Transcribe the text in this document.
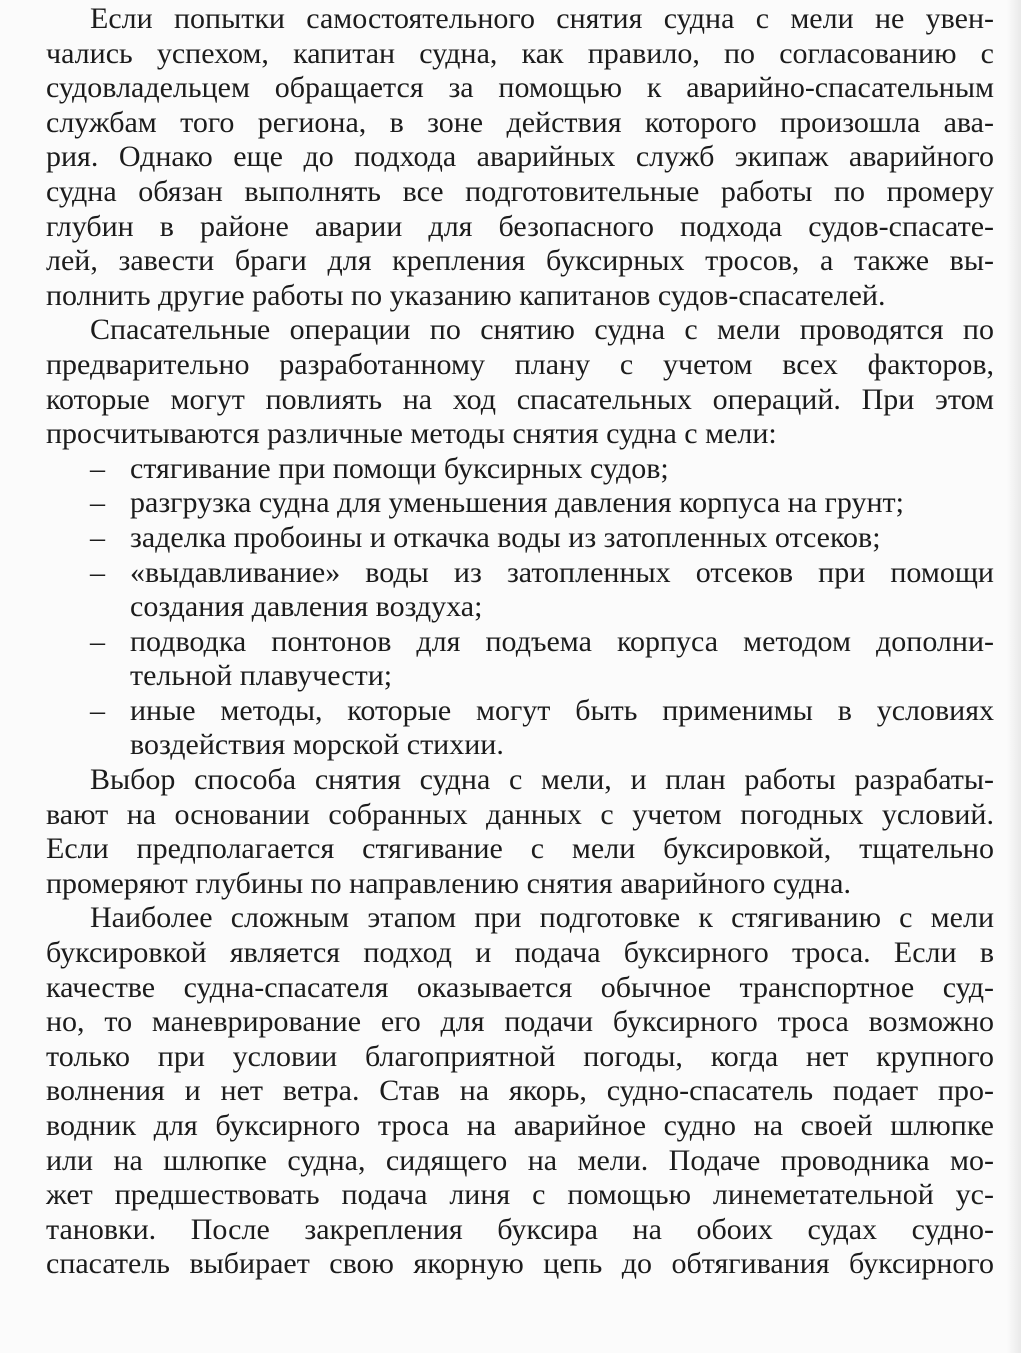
Если попытки самостоятельного снятия судна с мели не увен-
чались успехом, капитан судна, как правило, по согласованию с
судовладельцем обращается за помощью к аварийно-спасательным
службам того региона, в зоне действия которого произошла ава-
рия. Однако еще до подхода аварийных служб экипаж аварийного
судна обязан выполнять все подготовительные работы по промеру
глубин в районе аварии для безопасного подхода судов-спасате-
лей, завести браги для крепления буксирных тросов, а также вы-
полнить другие работы по указанию капитанов судов-спасателей.
Спасательные операции по снятию судна с мели проводятся по
предварительно разработанному плану с учетом всех факторов,
которые могут повлиять на ход спасательных операций. При этом
просчитываются различные методы снятия судна с мели:
– стягивание при помощи буксирных судов;
– разгрузка судна для уменьшения давления корпуса на грунт;
– заделка пробоины и откачка воды из затопленных отсеков;
– «выдавливание» воды из затопленных отсеков при помощи
создания давления воздуха;
– подводка понтонов для подъема корпуса методом дополни-
тельной плавучести;
– иные методы, которые могут быть применимы в условиях
воздействия морской стихии.
Выбор способа снятия судна с мели, и план работы разрабаты-
вают на основании собранных данных с учетом погодных условий.
Если предполагается стягивание с мели буксировкой, тщательно
промеряют глубины по направлению снятия аварийного судна.
Наиболее сложным этапом при подготовке к стягиванию с мели
буксировкой является подход и подача буксирного троса. Если в
качестве судна-спасателя оказывается обычное транспортное суд-
но, то маневрирование его для подачи буксирного троса возможно
только при условии благоприятной погоды, когда нет крупного
волнения и нет ветра. Став на якорь, судно-спасатель подает про-
водник для буксирного троса на аварийное судно на своей шлюпке
или на шлюпке судна, сидящего на мели. Подаче проводника мо-
жет предшествовать подача линя с помощью линеметательной ус-
тановки. После закрепления буксира на обоих судах судно-
спасатель выбирает свою якорную цепь до обтягивания буксирного
